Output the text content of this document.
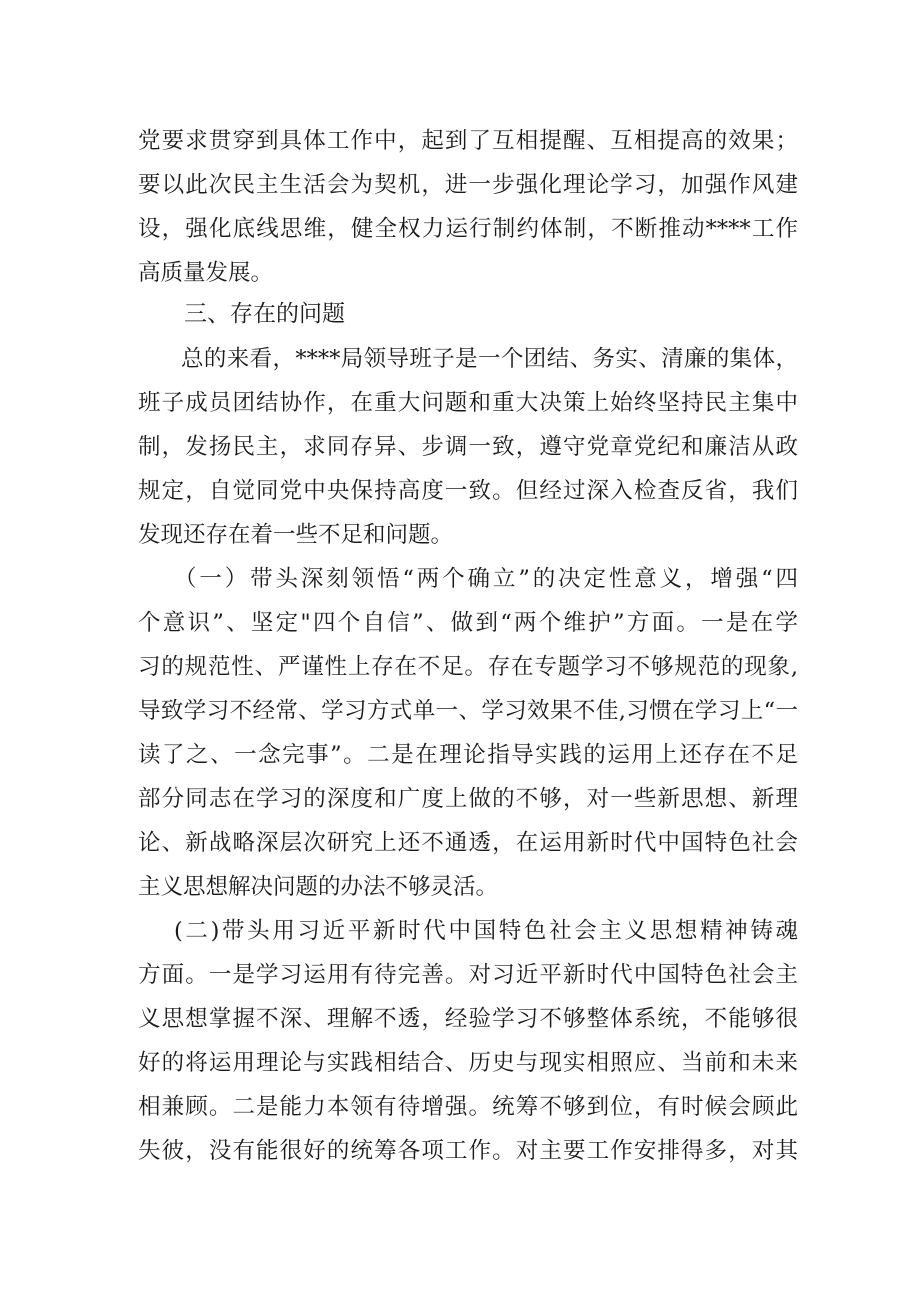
党要求贯穿到具体工作中，起到了互相提醒、互相提高的效果；
要以此次民主生活会为契机，进一步强化理论学习，加强作风建
设，强化底线思维，健全权力运行制约体制，不断推动****工作
高质量发展。
三、存在的问题
总的来看，****局领导班子是一个团结、务实、清廉的集体，
班子成员团结协作，在重大问题和重大决策上始终坚持民主集中
制，发扬民主，求同存异、步调一致，遵守党章党纪和廉洁从政
规定，自觉同党中央保持高度一致。但经过深入检查反省，我们
发现还存在着一些不足和问题。
（一）带头深刻领悟“两个确立”的决定性意义，增强“四
个意识”、坚定"四个自信”、做到“两个维护”方面。一是在学
习的规范性、严谨性上存在不足。存在专题学习不够规范的现象,
导致学习不经常、学习方式单一、学习效果不佳,习惯在学习上“一
读了之、一念完事”。二是在理论指导实践的运用上还存在不足
部分同志在学习的深度和广度上做的不够，对一些新思想、新理
论、新战略深层次研究上还不通透，在运用新时代中国特色社会
主义思想解决问题的办法不够灵活。
(二)带头用习近平新时代中国特色社会主义思想精神铸魂
方面。一是学习运用有待完善。对习近平新时代中国特色社会主
义思想掌握不深、理解不透，经验学习不够整体系统，不能够很
好的将运用理论与实践相结合、历史与现实相照应、当前和未来
相兼顾。二是能力本领有待增强。统筹不够到位，有时候会顾此
失彼，没有能很好的统筹各项工作。对主要工作安排得多，对其
